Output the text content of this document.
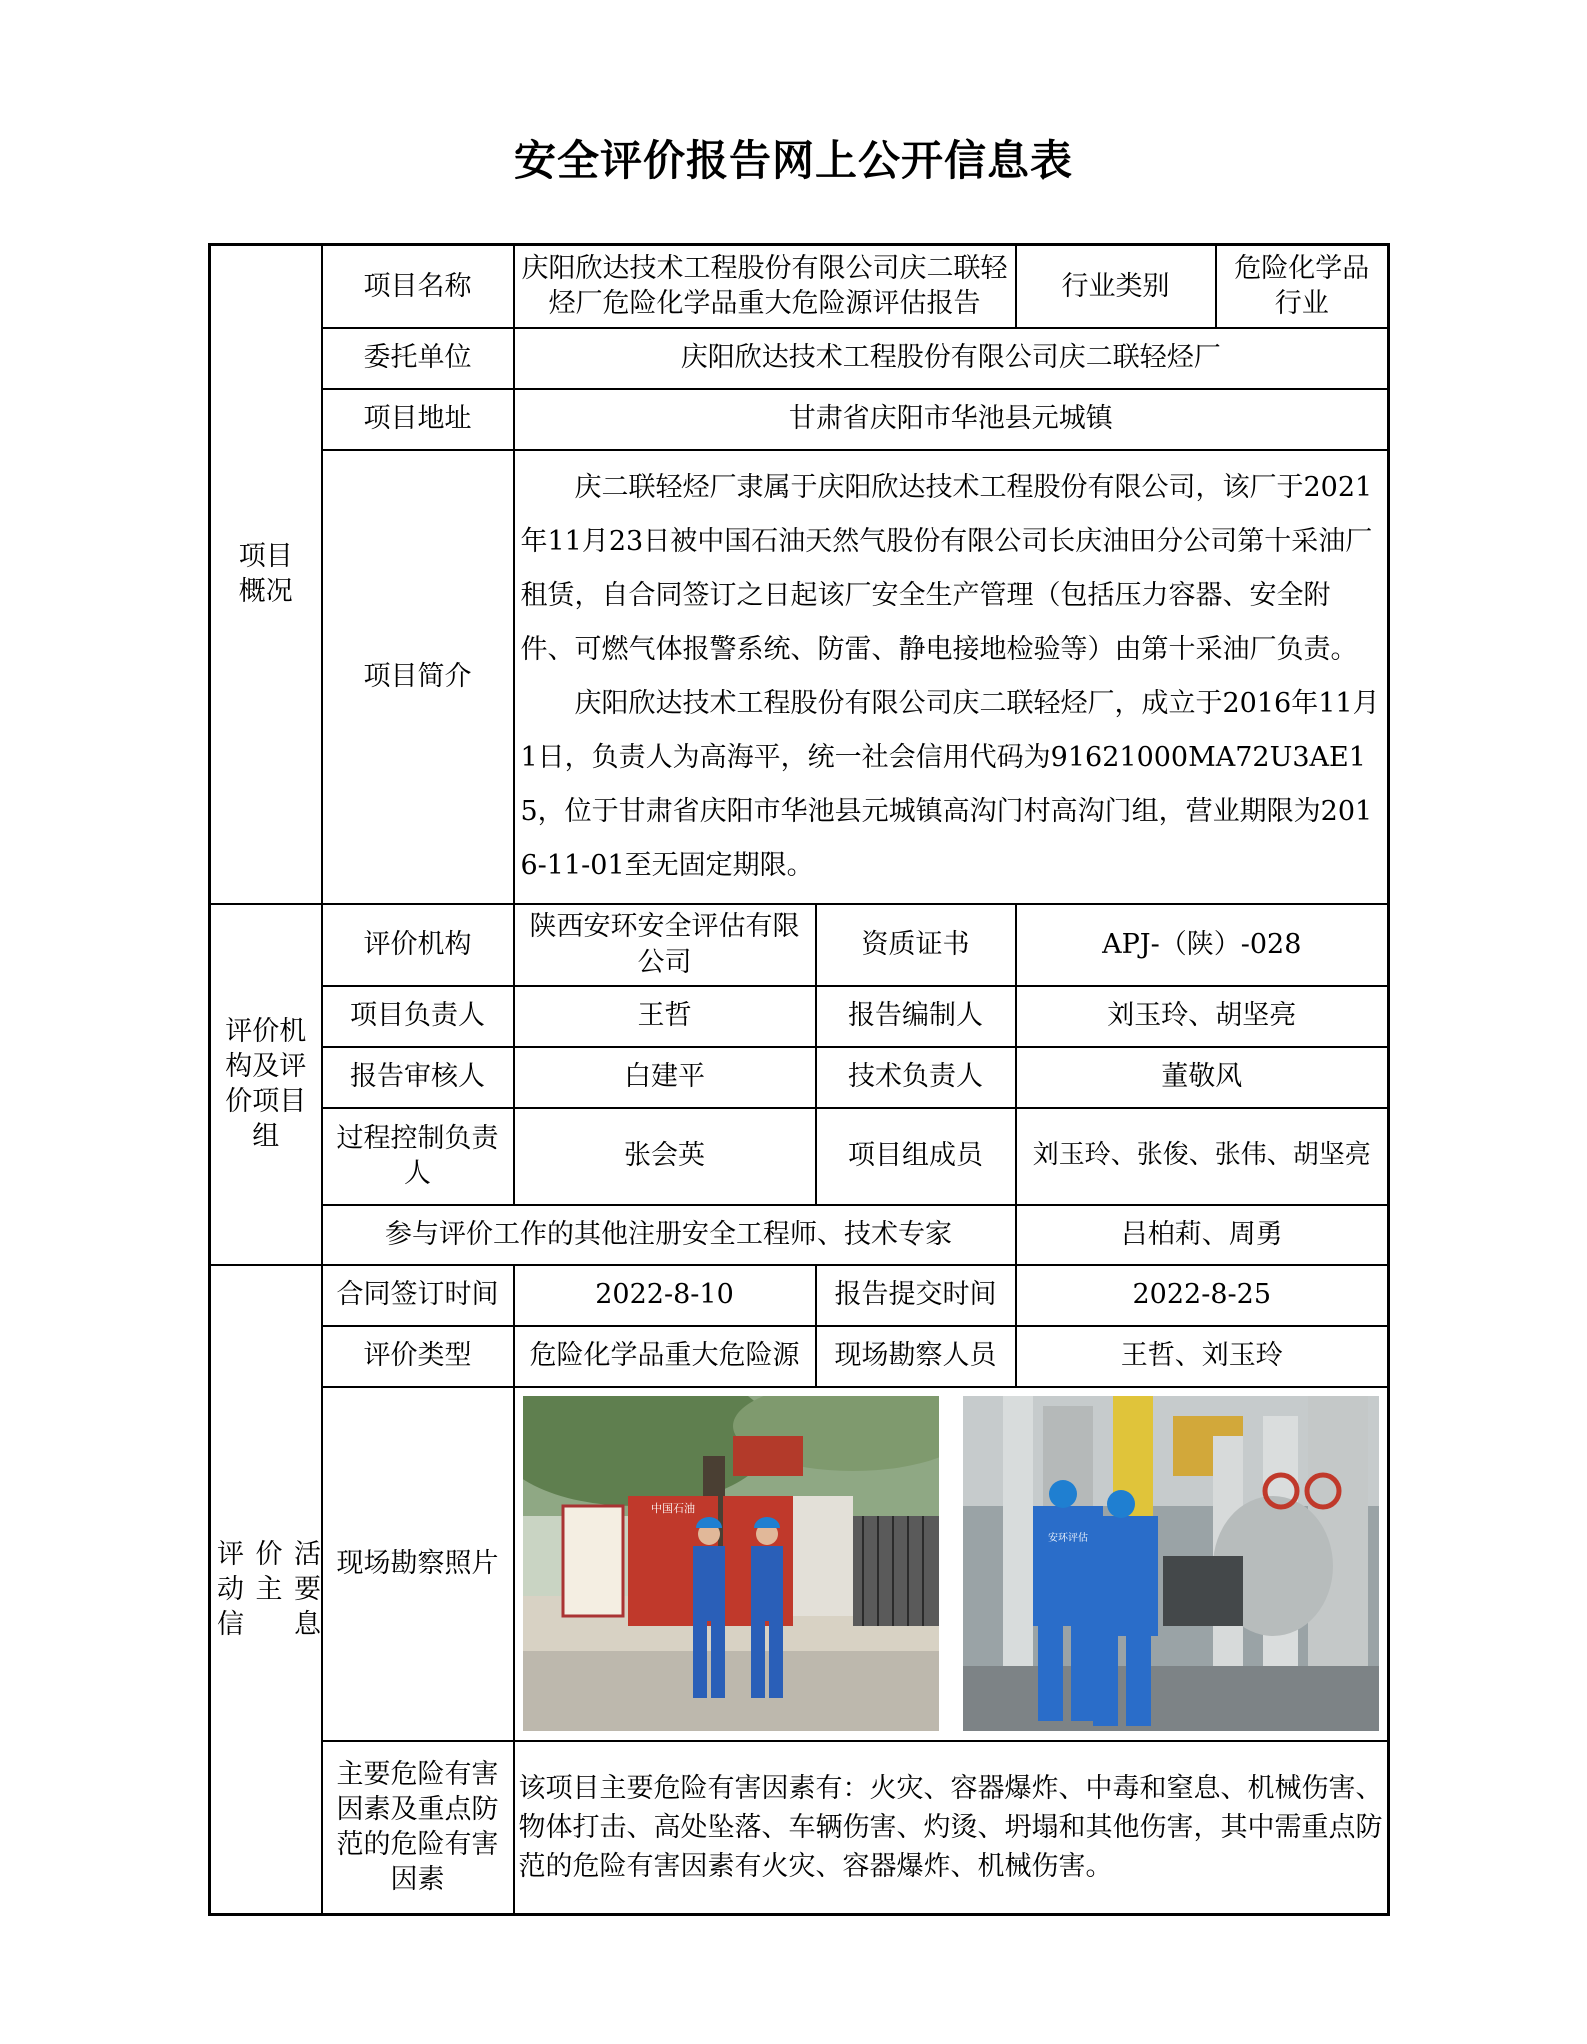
安全评价报告网上公开信息表
项目概况	项目名称	庆阳欣达技术工程股份有限公司庆二联轻烃厂危险化学品重大危险源评估报告		行业类别	危险化学品行业
	委托单位	庆阳欣达技术工程股份有限公司庆二联轻烃厂			
	项目地址	甘肃省庆阳市华池县元城镇			
	项目简介	庆二联轻烃厂隶属于庆阳欣达技术工程股份有限公司，该厂于2021年11月23日被中国石油天然气股份有限公司长庆油田分公司第十采油厂租赁，自合同签订之日起该厂安全生产管理（包括压力容器、安全附件、可燃气体报警系统、防雷、静电接地检验等）由第十采油厂负责。

庆阳欣达技术工程股份有限公司庆二联轻烃厂，成立于2016年11月1日，负责人为高海平，统一社会信用代码为91621000MA72U3AE15，位于甘肃省庆阳市华池县元城镇高沟门村高沟门组，营业期限为2016-11-01至无固定期限。			

评价机构及评价项目组	评价机构	陕西安环安全评估有限公司	资质证书	APJ-（陕）-028	
	项目负责人	王哲	报告编制人	刘玉玲、胡坚亮	
	报告审核人	白建平	技术负责人	董敬风	
	过程控制负责人	张会英	项目组成员	刘玉玲、张俊、张伟、胡坚亮	
	参与评价工作的其他注册安全工程师、技术专家			吕柏莉、周勇	
评价活动主要信息	合同签订时间	2022-8-10	报告提交时间	2022-8-25	
	评价类型	危险化学品重大危险源	现场勘察人员	王哲、刘玉玲	
	现场勘察照片	中国石油
安环评估			

	主要危险有害因素及重点防范的危险有害因素	该项目主要危险有害因素有：火灾、容器爆炸、中毒和窒息、机械伤害、物体打击、高处坠落、车辆伤害、灼烫、坍塌和其他伤害，其中需重点防范的危险有害因素有火灾、容器爆炸、机械伤害。			
